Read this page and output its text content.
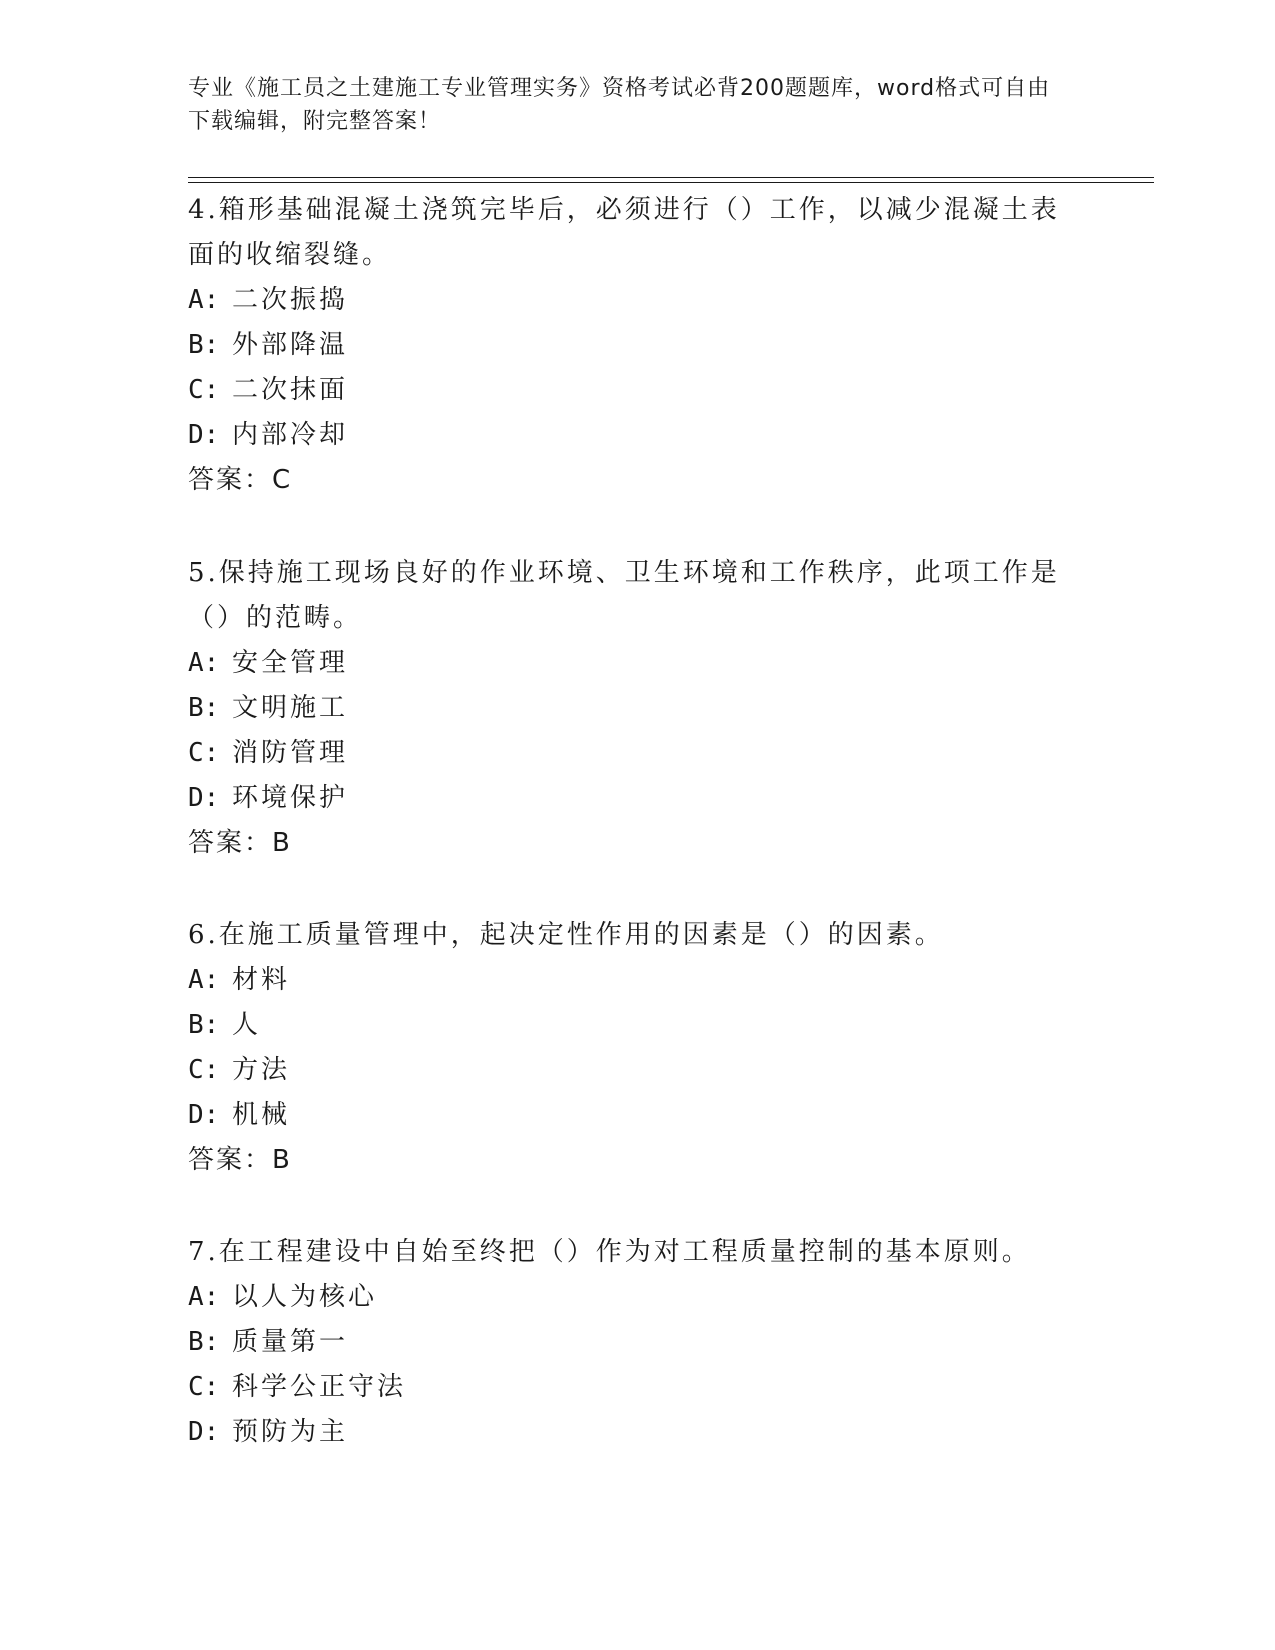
专业《施工员之土建施工专业管理实务》资格考试必背200题题库，word格式可自由下载编辑，附完整答案！
4.箱形基础混凝土浇筑完毕后，必须进行（）工作，以减少混凝土表面的收缩裂缝。
A: 二次振捣
B: 外部降温
C: 二次抹面
D: 内部冷却
答案：C
5.保持施工现场良好的作业环境、卫生环境和工作秩序，此项工作是（）的范畴。
A: 安全管理
B: 文明施工
C: 消防管理
D: 环境保护
答案：B
6.在施工质量管理中，起决定性作用的因素是（）的因素。
A: 材料
B: 人
C: 方法
D: 机械
答案：B
7.在工程建设中自始至终把（）作为对工程质量控制的基本原则。
A: 以人为核心
B: 质量第一
C: 科学公正守法
D: 预防为主
